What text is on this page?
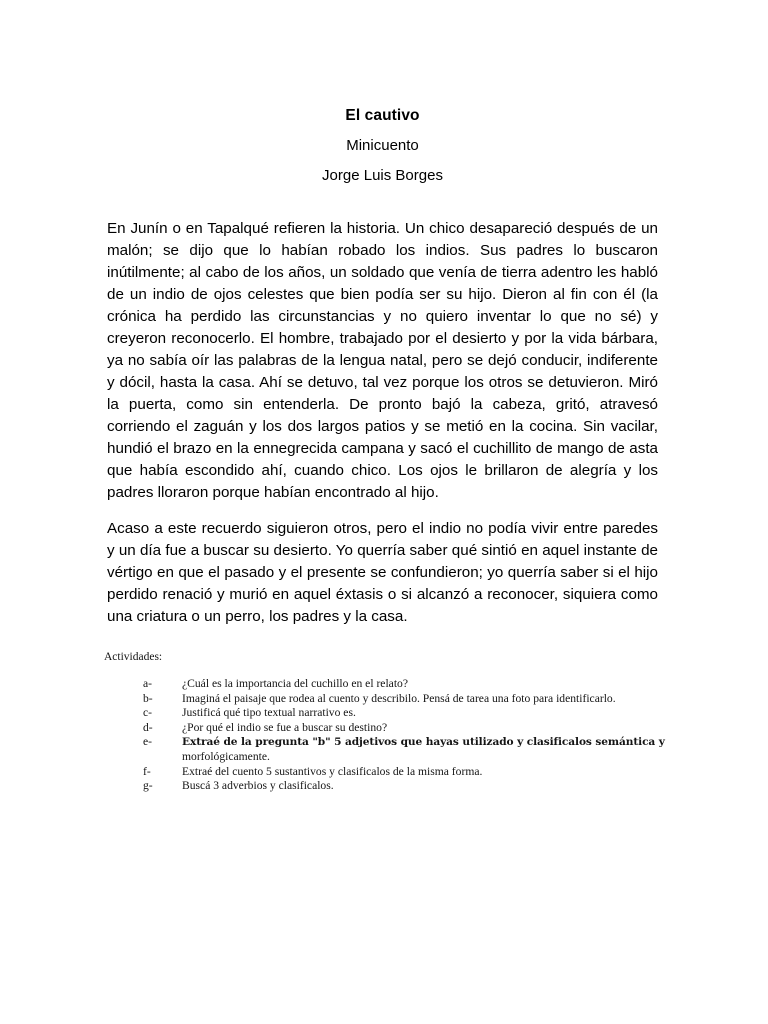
El cautivo
Minicuento
Jorge Luis Borges

En Junín o en Tapalqué refieren la historia. Un chico desapareció después de un malón; se dijo que lo habían robado los indios. Sus padres lo buscaron inútilmente; al cabo de los años, un soldado que venía de tierra adentro les habló de un indio de ojos celestes que bien podía ser su hijo. Dieron al fin con él (la crónica ha perdido las circunstancias y no quiero inventar lo que no sé) y creyeron reconocerlo. El hombre, trabajado por el desierto y por la vida bárbara, ya no sabía oír las palabras de la lengua natal, pero se dejó conducir, indiferente y dócil, hasta la casa. Ahí se detuvo, tal vez porque los otros se detuvieron. Miró la puerta, como sin entenderla. De pronto bajó la cabeza, gritó, atravesó corriendo el zaguán y los dos largos patios y se metió en la cocina. Sin vacilar, hundió el brazo en la ennegrecida campana y sacó el cuchillito de mango de asta que había escondido ahí, cuando chico. Los ojos le brillaron de alegría y los padres lloraron porque habían encontrado al hijo.

Acaso a este recuerdo siguieron otros, pero el indio no podía vivir entre paredes y un día fue a buscar su desierto. Yo querría saber qué sintió en aquel instante de vértigo en que el pasado y el presente se confundieron; yo querría saber si el hijo perdido renació y murió en aquel éxtasis o si alcanzó a reconocer, siquiera como una criatura o un perro, los padres y la casa.

Actividades:
a-	¿Cuál es la importancia del cuchillo en el relato?
b-	Imaginá el paisaje que rodea al cuento y describilo. Pensá de tarea una foto para identificarlo.
c-	Justificá qué tipo textual narrativo es.
d-	¿Por qué el indio se fue a buscar su destino?
e-	Extraé de la pregunta "b" 5 adjetivos que hayas utilizado y clasificalos semántica y
morfológicamente.
f-	Extraé del cuento 5 sustantivos y clasificalos de la misma forma.
g-	Buscá 3 adverbios y clasificalos.
